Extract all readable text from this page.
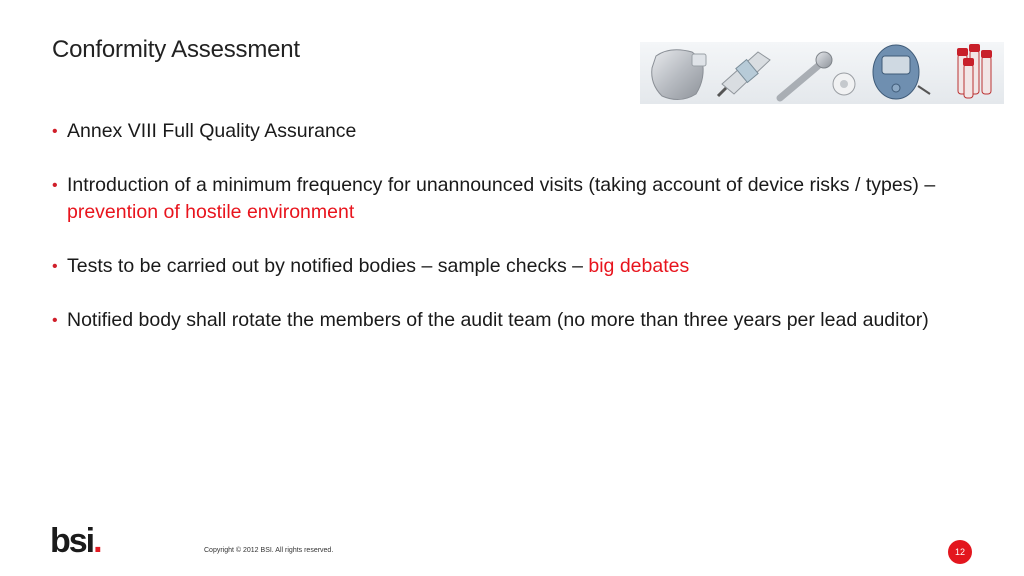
Conformity Assessment
• Annex VIII Full Quality Assurance
• Introduction of a minimum frequency for unannounced visits (taking account of device risks / types) – prevention of hostile environment
• Tests to be carried out by notified bodies – sample checks – big debates
• Notified body shall rotate the members of the audit team (no more than three years per lead auditor)
bsi.	Copyright © 2012 BSI. All rights reserved.	12
